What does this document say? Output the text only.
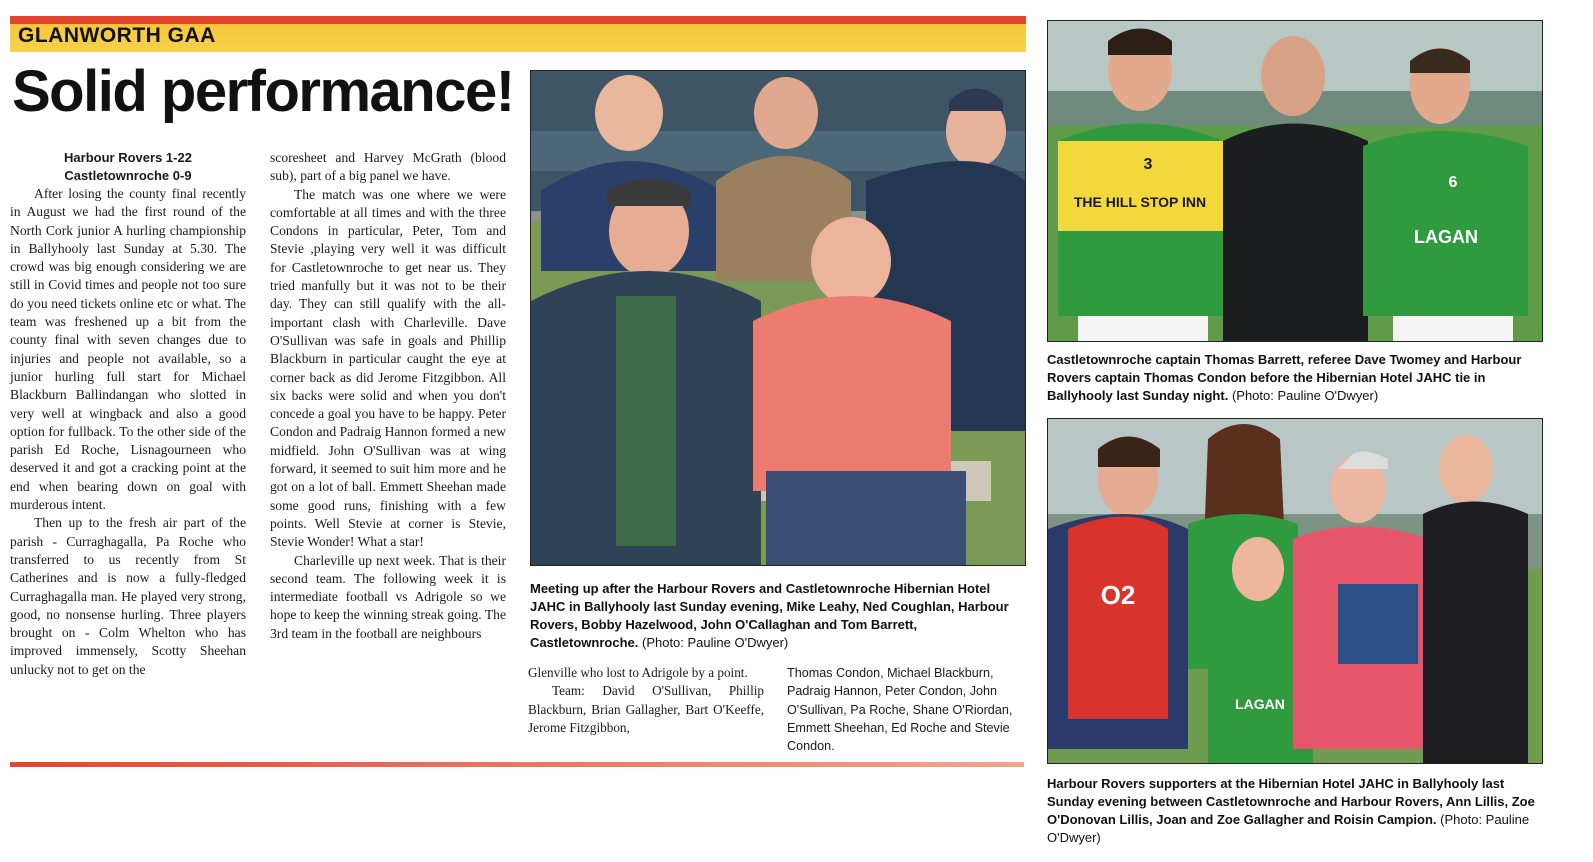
GLANWORTH GAA
Solid performance!
Harbour Rovers 1-22
Castletownroche 0-9

After losing the county final recently in August we had the first round of the North Cork junior A hurling championship in Ballyhooly last Sunday at 5.30. The crowd was big enough considering we are still in Covid times and people not too sure do you need tickets online etc or what. The team was freshened up a bit from the county final with seven changes due to injuries and people not available, so a junior hurling full start for Michael Blackburn Ballindangan who slotted in very well at wingback and also a good option for fullback. To the other side of the parish Ed Roche, Lisnagourneen who deserved it and got a cracking point at the end when bearing down on goal with murderous intent.

Then up to the fresh air part of the parish - Curraghagalla, Pa Roche who transferred to us recently from St Catherines and is now a fully-fledged Curraghagalla man. He played very strong, good, no nonsense hurling. Three players brought on - Colm Whelton who has improved immensely, Scotty Sheehan unlucky not to get on the

scoresheet and Harvey McGrath (blood sub), part of a big panel we have.

The match was one where we were comfortable at all times and with the three Condons in particular, Peter, Tom and Stevie ,playing very well it was difficult for Castletownroche to get near us. They tried manfully but it was not to be their day. They can still qualify with the all-important clash with Charleville. Dave O'Sullivan was safe in goals and Phillip Blackburn in particular caught the eye at corner back as did Jerome Fitzgibbon. All six backs were solid and when you don't concede a goal you have to be happy. Peter Condon and Padraig Hannon formed a new midfield. John O'Sullivan was at wing forward, it seemed to suit him more and he got on a lot of ball. Emmett Sheehan made some good runs, finishing with a few points. Well Stevie at corner is Stevie, Stevie Wonder! What a star!

Charleville up next week. That is their second team. The following week it is intermediate football vs Adrigole so we hope to keep the winning streak going. The 3rd team in the football are neighbours

Meeting up after the Harbour Rovers and Castletownroche Hibernian Hotel JAHC in Ballyhooly last Sunday evening, Mike Leahy, Ned Coughlan, Harbour Rovers, Bobby Hazelwood, John O'Callaghan and Tom Barrett, Castletownroche. (Photo: Pauline O'Dwyer)

Glenville who lost to Adrigole by a point.

Team: David O'Sullivan, Phillip Blackburn, Brian Gallagher, Bart O'Keeffe, Jerome Fitzgibbon,

Thomas Condon, Michael Blackburn, Padraig Hannon, Peter Condon, John O'Sullivan, Pa Roche, Shane O'Riordan, Emmett Sheehan, Ed Roche and Stevie Condon.

THE HILL STOP INN
3
6
LAGAN
Castletownroche captain Thomas Barrett, referee Dave Twomey and Harbour Rovers captain Thomas Condon before the Hibernian Hotel JAHC tie in Ballyhooly last Sunday night. (Photo: Pauline O'Dwyer)
O2
LAGAN
Harbour Rovers supporters at the Hibernian Hotel JAHC in Ballyhooly last Sunday evening between Castletownroche and Harbour Rovers, Ann Lillis, Zoe O'Donovan Lillis, Joan and Zoe Gallagher and Roisin Campion. (Photo: Pauline O'Dwyer)
